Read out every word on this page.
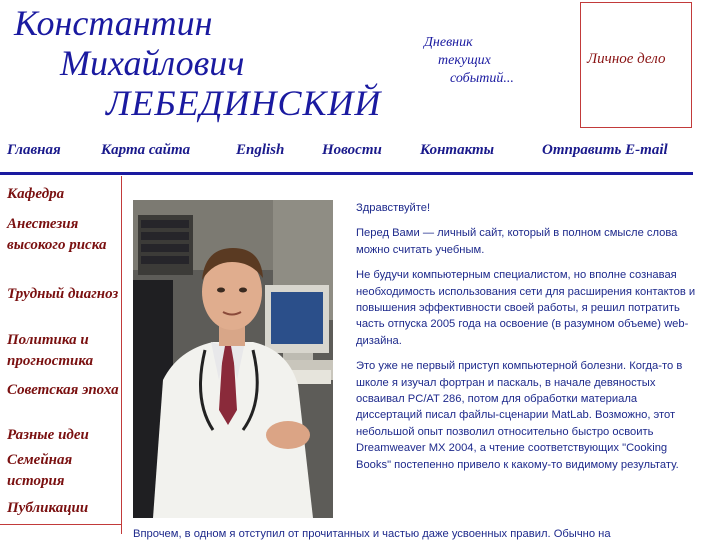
Константин
Михайлович
ЛЕБЕДИНСКИЙ
Дневник
текущих
событий...
Личное дело
Главная	Карта сайта	English	Новости	Контакты	Отправить E-mail
Кафедра
Анестезия высокого риска
Трудный диагноз
Политика и прогностика
Советская эпоха
Разные идеи
Семейная история
Публикации

Здравствуйте!

Перед Вами — личный сайт, который в полном смысле слова можно считать учебным.

Не будучи компьютерным специалистом, но вполне сознавая необходимость использования сети для расширения контактов и повышения эффективности своей работы, я решил потратить часть отпуска 2005 года на освоение (в разумном объеме) web-дизайна.

Это уже не первый приступ компьютерной болезни. Когда-то в школе я изучал фортран и паскаль, в начале девяностых осваивал PC/AT 286, потом для обработки материала диссертаций писал файлы-сценарии MatLab. Возможно, этот небольшой опыт позволил относительно быстро освоить Dreamweaver MX 2004, а чтение соответствующих "Cooking Books" постепенно привело к какому-то видимому результату.

Впрочем, в одном я отступил от прочитанных и частью даже усвоенных правил. Обычно на
